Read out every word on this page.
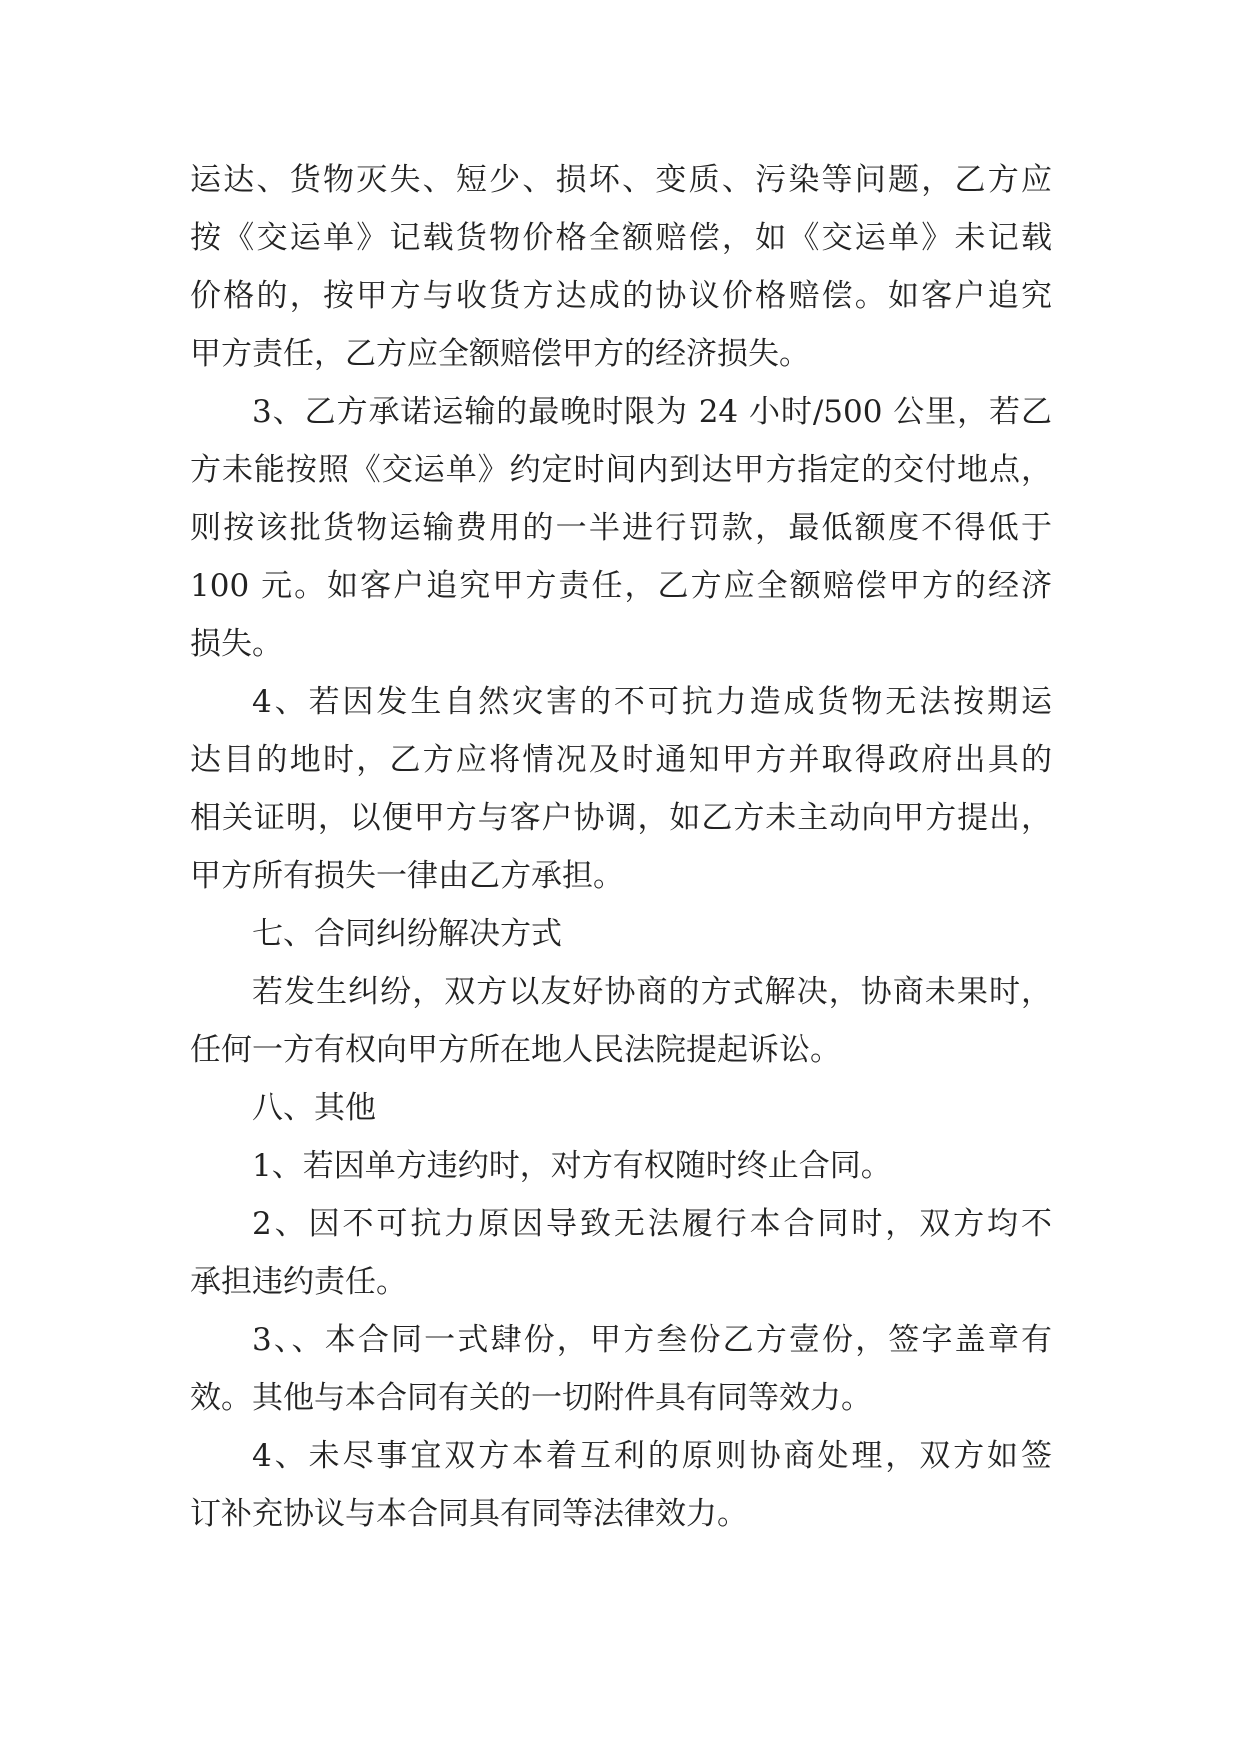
运达、货物灭失、短少、损坏、变质、污染等问题，乙方应
按《交运单》记载货物价格全额赔偿，如《交运单》未记载
价格的，按甲方与收货方达成的协议价格赔偿。如客户追究
甲方责任，乙方应全额赔偿甲方的经济损失。
3、乙方承诺运输的最晚时限为 24 小时/500 公里，若乙
方未能按照《交运单》约定时间内到达甲方指定的交付地点，
则按该批货物运输费用的一半进行罚款，最低额度不得低于
100 元。如客户追究甲方责任，乙方应全额赔偿甲方的经济
损失。
4、若因发生自然灾害的不可抗力造成货物无法按期运
达目的地时，乙方应将情况及时通知甲方并取得政府出具的
相关证明，以便甲方与客户协调，如乙方未主动向甲方提出，
甲方所有损失一律由乙方承担。
七、合同纠纷解决方式
若发生纠纷，双方以友好协商的方式解决，协商未果时，
任何一方有权向甲方所在地人民法院提起诉讼。
八、其他
1、若因单方违约时，对方有权随时终止合同。
2、因不可抗力原因导致无法履行本合同时，双方均不
承担违约责任。
3、、本合同一式肆份，甲方叁份乙方壹份，签字盖章有
效。其他与本合同有关的一切附件具有同等效力。
4、未尽事宜双方本着互利的原则协商处理，双方如签
订补充协议与本合同具有同等法律效力。
